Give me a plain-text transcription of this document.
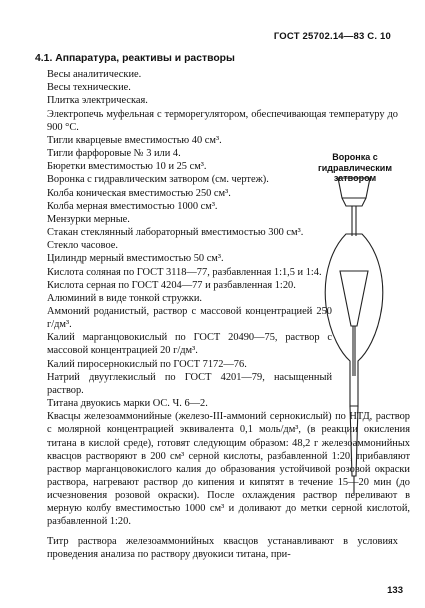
ГОСТ 25702.14—83 С. 10

4.1. Аппаратура, реактивы и растворы

Весы аналитические.

Весы технические.

Плитка электрическая.

Электропечь муфельная с терморегулятором, обеспечивающая температуру до 900 °С.

Тигли кварцевые вместимостью 40 см³.

Тигли фарфоровые № 3 или 4.

Бюретки вместимостью 10 и 25 см³.

Воронка с гидравлическим затвором (см. чертеж).

Колба коническая вместимостью 250 см³.

Колба мерная вместимостью 1000 см³.

Мензурки мерные.

Стакан стеклянный лабораторный вместимостью 300 см³.

Стекло часовое.

Цилиндр мерный вместимостью 50 см³.

Кислота соляная по ГОСТ 3118—77, разбавленная 1:1,5 и 1:4.

Кислота серная по ГОСТ 4204—77 и разбавленная 1:20.

Алюминий в виде тонкой стружки.

Аммоний роданистый, раствор с массовой концентрацией 250 г/дм³.

Калий марганцовокислый по ГОСТ 20490—75, раствор с массовой концентрацией 20 г/дм³.

Калий пиросернокислый по ГОСТ 7172—76.

Натрий двууглекислый по ГОСТ 4201—79, насыщенный раствор.

Титана двуокись марки ОС. Ч. 6—2.

Квасцы железоаммонийные (железо-III-аммоний сернокислый) по НТД, раствор с молярной концентрацией эквивалента 0,1 моль/дм³, (в реакции окисления титана в кислой среде), готовят следующим образом: 48,2 г железоаммонийных квасцов растворяют в 200 см³ серной кислоты, разбавленной 1:20, прибавляют раствор марганцовокислого калия до образования устойчивой розовой окраски раствора, нагревают раствор до кипения и кипятят в течение 15—20 мин (до исчезновения розовой окраски). После охлаждения раствор переливают в мерную колбу вместимостью 1000 см³ и доливают до метки серной кислотой, разбавленной 1:20.

Титр раствора железоаммонийных квасцов устанавливают в условиях проведения анализа по раствору двуокиси титана, при-

Воронка с гидравлическим затвором
133
